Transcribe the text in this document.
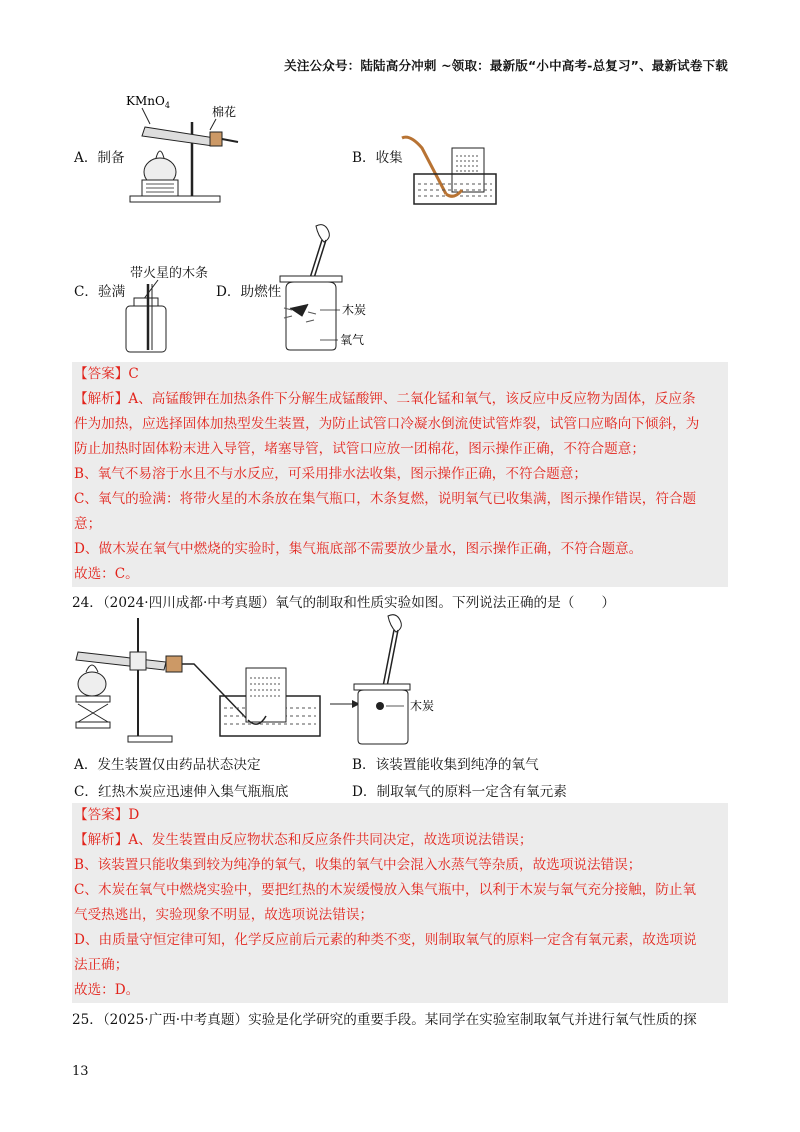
关注公众号：陆陆高分冲刺 ~领取：最新版“小中高考-总复习”、最新试卷下载
KMnO$_4$	棉花
A．制备	B．收集
带火星的木条
C．验满
木炭
氧气
D．助燃性
【答案】C
【解析】A、高锰酸钾在加热条件下分解生成锰酸钾、二氧化锰和氧气，该反应中反应物为固体，反应条
件为加热，应选择固体加热型发生装置，为防止试管口冷凝水倒流使试管炸裂，试管口应略向下倾斜，为
防止加热时固体粉末进入导管，堵塞导管，试管口应放一团棉花，图示操作正确，不符合题意；
B、氧气不易溶于水且不与水反应，可采用排水法收集，图示操作正确，不符合题意；
C、氧气的验满：将带火星的木条放在集气瓶口，木条复燃，说明氧气已收集满，图示操作错误，符合题
意；
D、做木炭在氧气中燃烧的实验时，集气瓶底部不需要放少量水，图示操作正确，不符合题意。
故选：C。
24．（2024·四川成都·中考真题）氧气的制取和性质实验如图。下列说法正确的是（　　）
木炭
A．发生装置仅由药品状态决定	B．该装置能收集到纯净的氧气
C．红热木炭应迅速伸入集气瓶瓶底	D．制取氧气的原料一定含有氧元素
【答案】D
【解析】A、发生装置由反应物状态和反应条件共同决定，故选项说法错误；
B、该装置只能收集到较为纯净的氧气，收集的氧气中会混入水蒸气等杂质，故选项说法错误；
C、木炭在氧气中燃烧实验中，要把红热的木炭缓慢放入集气瓶中，以利于木炭与氧气充分接触，防止氧
气受热逃出，实验现象不明显，故选项说法错误；
D、由质量守恒定律可知，化学反应前后元素的种类不变，则制取氧气的原料一定含有氧元素，故选项说
法正确；
故选：D。
25．（2025·广西·中考真题）实验是化学研究的重要手段。某同学在实验室制取氧气并进行氧气性质的探
13
